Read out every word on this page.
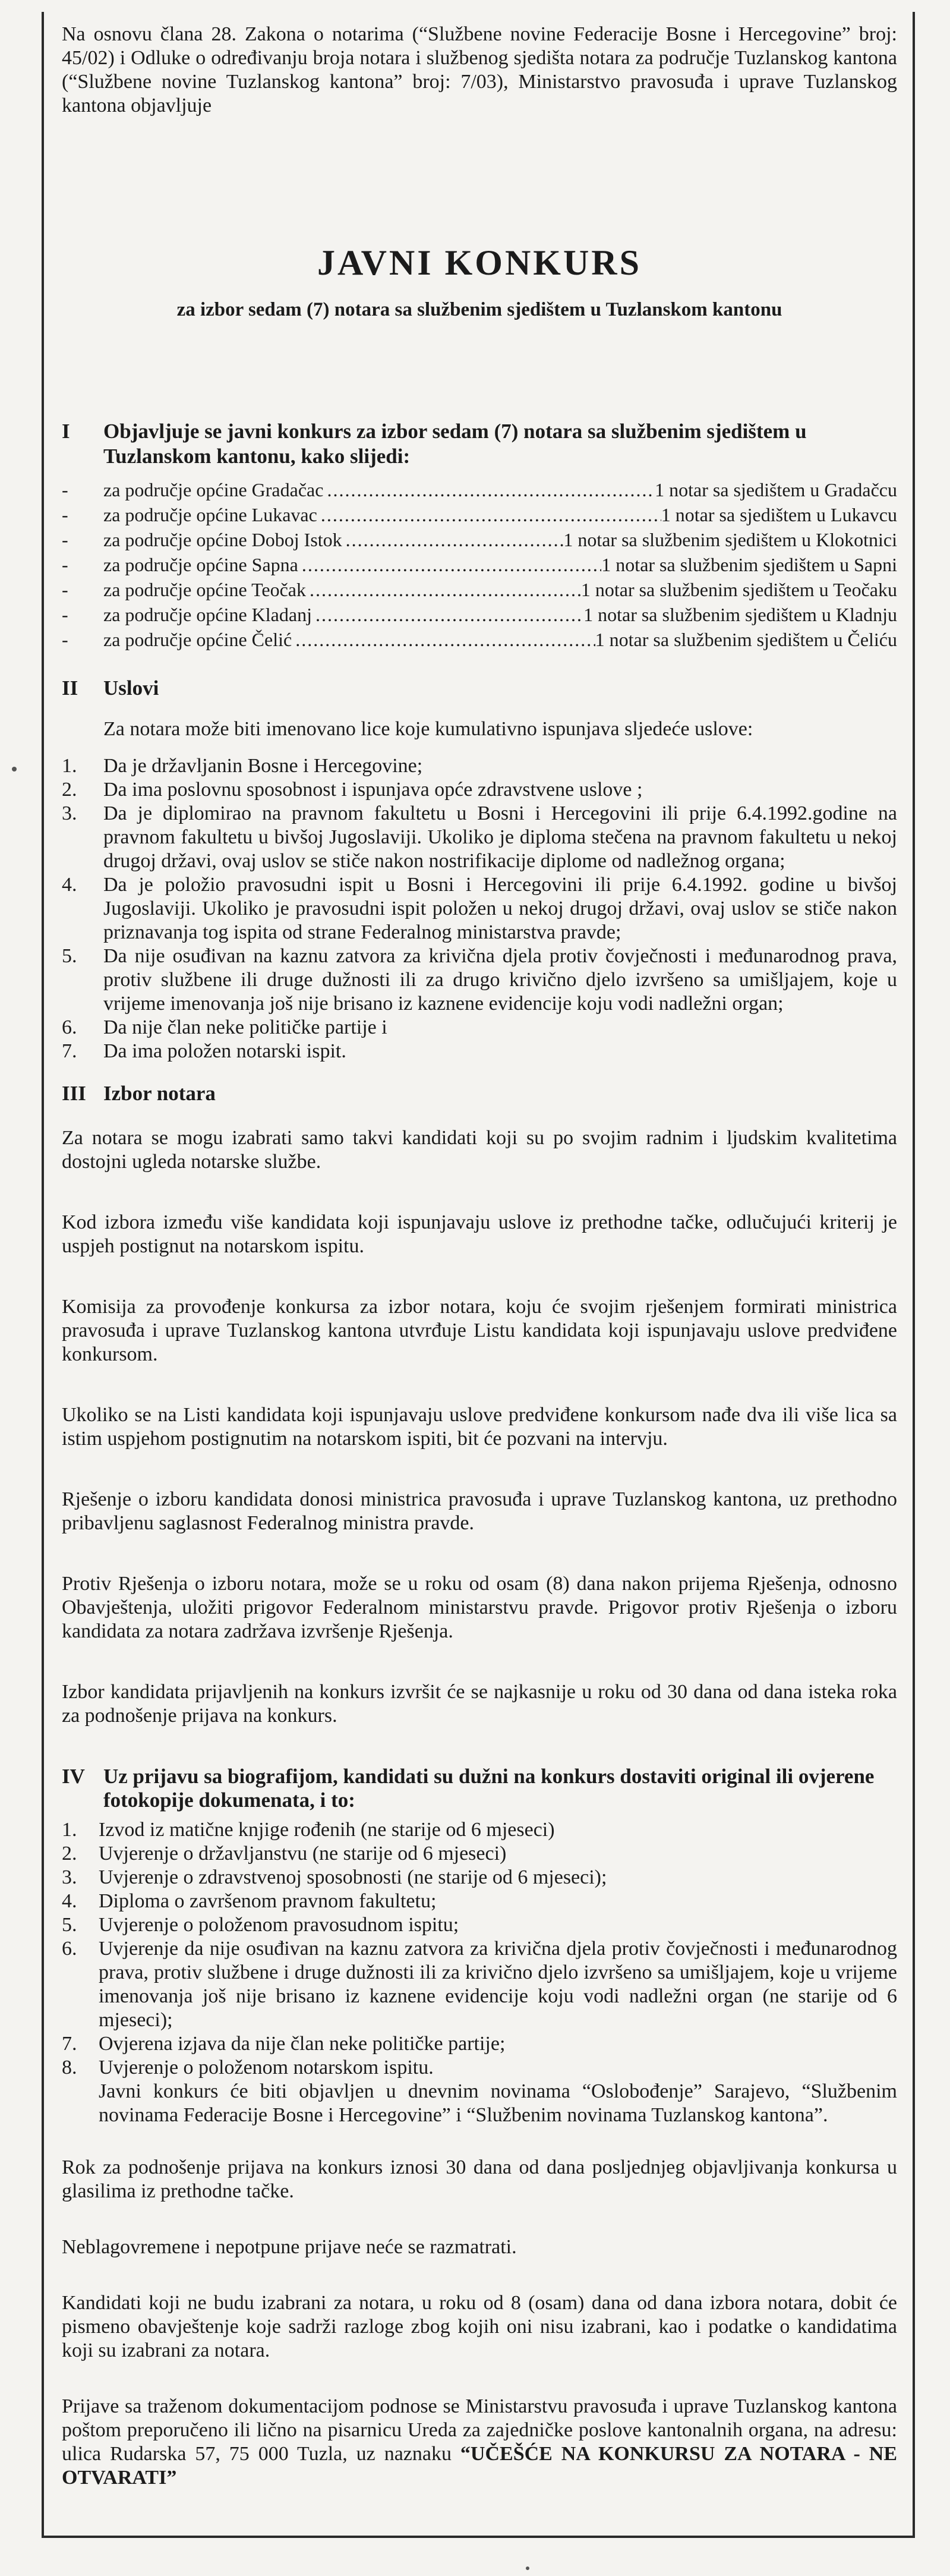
Na osnovu člana 28. Zakona o notarima (“Službene novine Federacije Bosne i Hercegovine” broj: 45/02) i Odluke o određivanju broja notara i službenog sjedišta notara za područje Tuzlanskog kantona (“Službene novine Tuzlanskog kantona” broj: 7/03), Ministarstvo pravosuđa i uprave Tuzlanskog kantona objavljuje

JAVNI KONKURS

za izbor sedam (7) notara sa službenim sjedištem u Tuzlanskom kantonu

I	Objavljuje se javni konkurs za izbor sedam (7) notara sa službenim sjedištem u Tuzlanskom kantonu, kako slijedi:
-	za područje općine Gradačac .....	1 notar sa sjedištem u Gradačcu
-	za područje općine Lukavac .....	1 notar sa sjedištem u Lukavcu
-	za područje općine Doboj Istok .....	1 notar sa službenim sjedištem u Klokotnici
-	za područje općine Sapna .....	1 notar sa službenim sjedištem u Sapni
-	za područje općine Teočak .....	1 notar sa službenim sjedištem u Teočaku
-	za područje općine Kladanj .....	1 notar sa službenim sjedištem u Kladnju
-	za područje općine Čelić .....	1 notar sa službenim sjedištem u Čeliću
II	Uslovi

Za notara može biti imenovano lice koje kumulativno ispunjava sljedeće uslove:

1.	Da je državljanin Bosne i Hercegovine;
2.	Da ima poslovnu sposobnost i ispunjava opće zdravstvene uslove ;
3.	Da je diplomirao na pravnom fakultetu u Bosni i Hercegovini ili prije 6.4.1992.godine na pravnom fakultetu u bivšoj Jugoslaviji. Ukoliko je diploma stečena na pravnom fakultetu u nekoj drugoj državi, ovaj uslov se stiče nakon nostrifikacije diplome od nadležnog organa;
4.	Da je položio pravosudni ispit u Bosni i Hercegovini ili prije 6.4.1992. godine u bivšoj Jugoslaviji. Ukoliko je pravosudni ispit položen u nekoj drugoj državi, ovaj uslov se stiče nakon priznavanja tog ispita od strane Federalnog ministarstva pravde;
5.	Da nije osuđivan na kaznu zatvora za krivična djela protiv čovječnosti i međunarodnog prava, protiv službene ili druge dužnosti ili za drugo krivično djelo izvršeno sa umišljajem, koje u vrijeme imenovanja još nije brisano iz kaznene evidencije koju vodi nadležni organ;
6.	Da nije član neke političke partije i
7.	Da ima položen notarski ispit.
III Izbor notara

Za notara se mogu izabrati samo takvi kandidati koji su po svojim radnim i ljudskim kvalitetima dostojni ugleda notarske službe.

Kod izbora između više kandidata koji ispunjavaju uslove iz prethodne tačke, odlučujući kriterij je uspjeh postignut na notarskom ispitu.

Komisija za provođenje konkursa za izbor notara, koju će svojim rješenjem formirati ministrica pravosuđa i uprave Tuzlanskog kantona utvrđuje Listu kandidata koji ispunjavaju uslove predviđene konkursom.

Ukoliko se na Listi kandidata koji ispunjavaju uslove predviđene konkursom nađe dva ili više lica sa istim uspjehom postignutim na notarskom ispiti, bit će pozvani na intervju.

Rješenje o izboru kandidata donosi ministrica pravosuđa i uprave Tuzlanskog kantona, uz prethodno pribavljenu saglasnost Federalnog ministra pravde.

Protiv Rješenja o izboru notara, može se u roku od osam (8) dana nakon prijema Rješenja, odnosno Obavještenja, uložiti prigovor Federalnom ministarstvu pravde. Prigovor protiv Rješenja o izboru kandidata za notara zadržava izvršenje Rješenja.

Izbor kandidata prijavljenih na konkurs izvršit će se najkasnije u roku od 30 dana od dana isteka roka za podnošenje prijava na konkurs.

IV Uz prijavu sa biografijom, kandidati su dužni na konkurs dostaviti original ili ovjerene fotokopije dokumenata, i to:
1.	Izvod iz matične knjige rođenih (ne starije od 6 mjeseci)
2.	Uvjerenje o državljanstvu (ne starije od 6 mjeseci)
3.	Uvjerenje o zdravstvenoj sposobnosti (ne starije od 6 mjeseci);
4.	Diploma o završenom pravnom fakultetu;
5.	Uvjerenje o položenom pravosudnom ispitu;
6.	Uvjerenje da nije osuđivan na kaznu zatvora za krivična djela protiv čovječnosti i međunarodnog prava, protiv službene i druge dužnosti ili za krivično djelo izvršeno sa umišljajem, koje u vrijeme imenovanja još nije brisano iz kaznene evidencije koju vodi nadležni organ (ne starije od 6 mjeseci);
7.	Ovjerena izjava da nije član neke političke partije;
8.	Uvjerenje o položenom notarskom ispitu.

Javni konkurs će biti objavljen u dnevnim novinama “Oslobođenje” Sarajevo, “Službenim novinama Federacije Bosne i Hercegovine” i “Službenim novinama Tuzlanskog kantona”.

Rok za podnošenje prijava na konkurs iznosi 30 dana od dana posljednjeg objavljivanja konkursa u glasilima iz prethodne tačke.

Neblagovremene i nepotpune prijave neće se razmatrati.

Kandidati koji ne budu izabrani za notara, u roku od 8 (osam) dana od dana izbora notara, dobit će pismeno obavještenje koje sadrži razloge zbog kojih oni nisu izabrani, kao i podatke o kandidatima koji su izabrani za notara.

Prijave sa traženom dokumentacijom podnose se Ministarstvu pravosuđa i uprave Tuzlanskog kantona poštom preporučeno ili lično na pisarnicu Ureda za zajedničke poslove kantonalnih organa, na adresu: ulica Rudarska 57, 75 000 Tuzla, uz naznaku “UČEŠĆE NA KONKURSU ZA NOTARA - NE OTVARATI”
